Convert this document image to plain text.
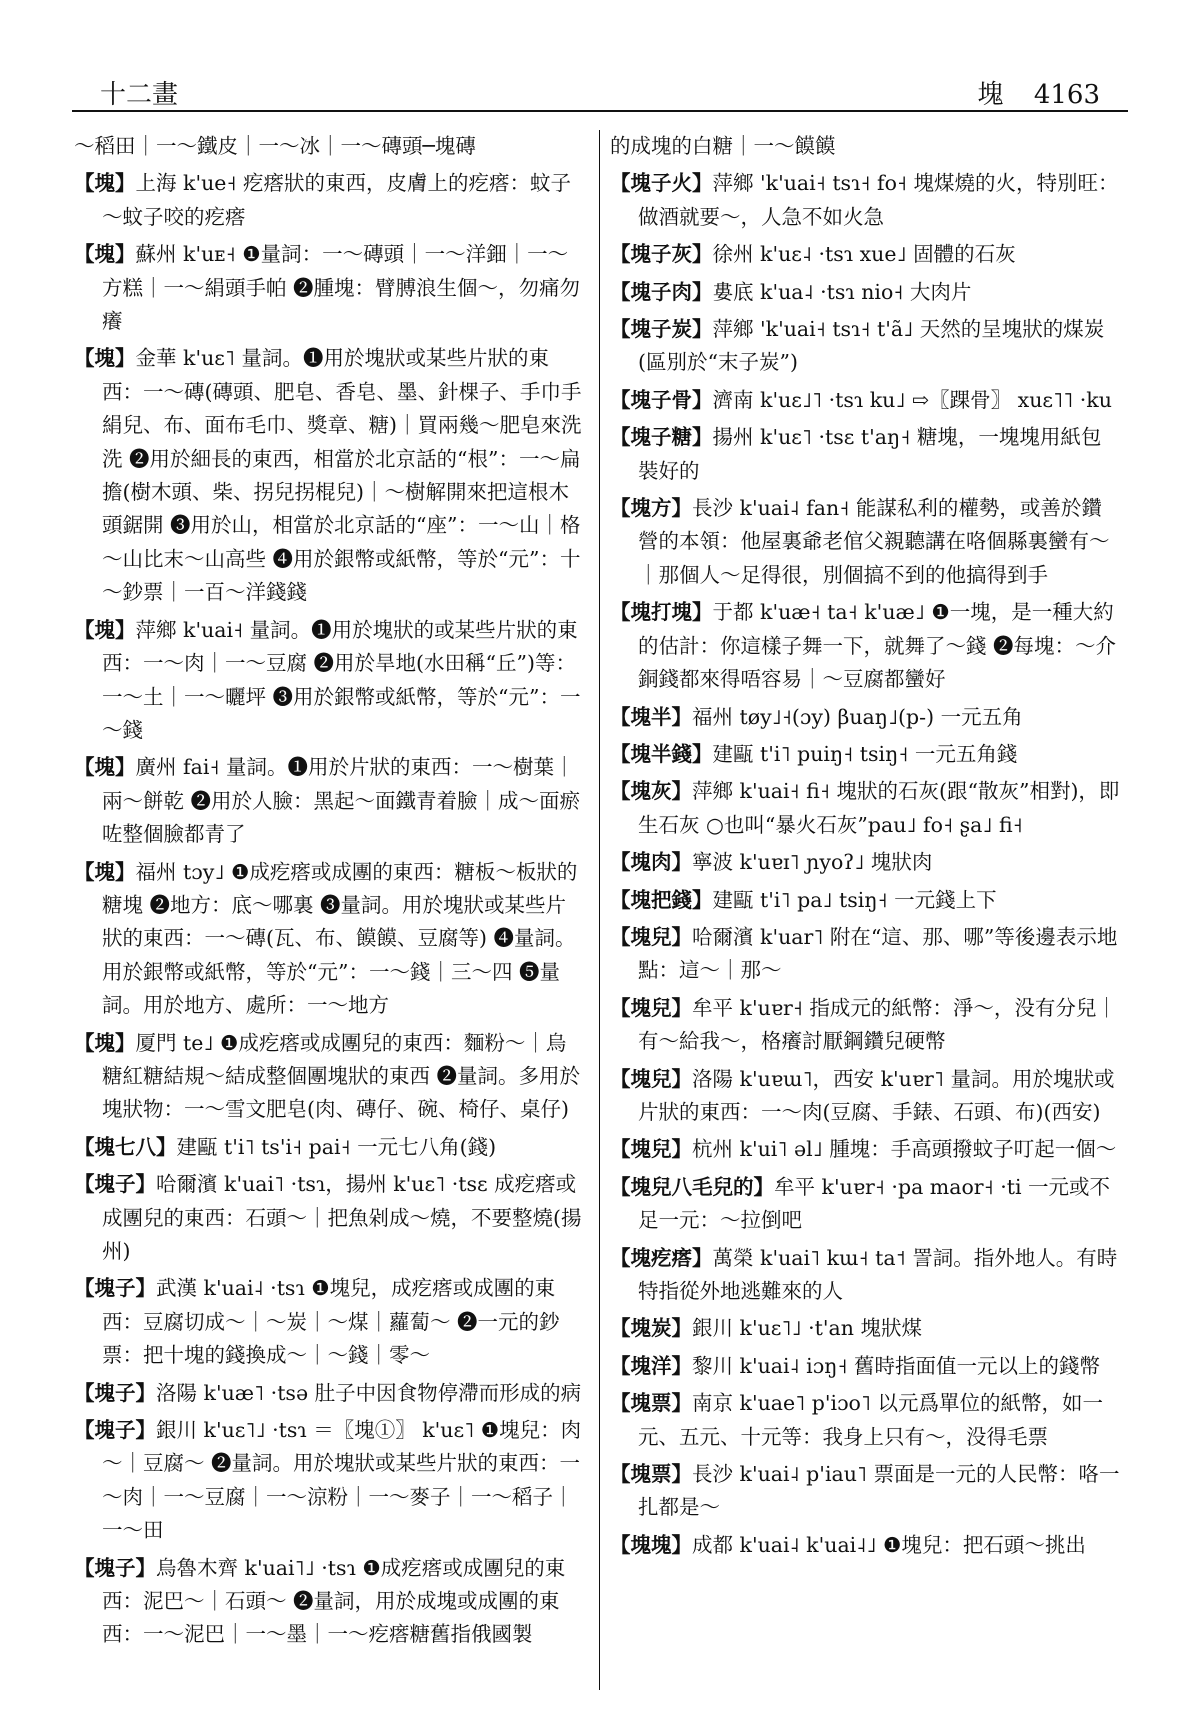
十二畫	塊 4163
～稻田｜一～鐵皮｜一～冰｜一～磚頭─塊磚
【塊】上海 k'ue˧ 疙瘩狀的東西，皮膚上的疙瘩：蚊子～蚊子咬的疙瘩
【塊】蘇州 k'uᴇ˧ ❶量詞：一～磚頭｜一～洋鈿｜一～方糕｜一～絹頭手帕 ❷腫塊：臂膊浪生個～，勿痛勿癢
【塊】金華 k'uɛ˥ 量詞。❶用於塊狀或某些片狀的東西：一～磚(磚頭、肥皂、香皂、墨、針棵子、手巾手絹兒、布、面布毛巾、獎章、糖)｜買兩幾～肥皂來洗洗 ❷用於細長的東西，相當於北京話的“根”：一～扁擔(樹木頭、柴、拐兒拐棍兒)｜～樹解開來把這根木頭鋸開 ❸用於山，相當於北京話的“座”：一～山｜格～山比末～山高些 ❹用於銀幣或紙幣，等於“元”：十～鈔票｜一百～洋錢錢
【塊】萍鄉 k'uai˧ 量詞。❶用於塊狀的或某些片狀的東西：一～肉｜一～豆腐 ❷用於旱地(水田稱“丘”)等：一～土｜一～曬坪 ❸用於銀幣或紙幣，等於“元”：一～錢
【塊】廣州 fai˧ 量詞。❶用於片狀的東西：一～樹葉｜兩～餅乾 ❷用於人臉：黑起～面鐵青着臉｜成～面瘀咗整個臉都青了
【塊】福州 tɔy˩ ❶成疙瘩或成團的東西：糖板～板狀的糖塊 ❷地方：底～哪裏 ❸量詞。用於塊狀或某些片狀的東西：一～磚(瓦、布、饃饃、豆腐等) ❹量詞。用於銀幣或紙幣，等於“元”：一～錢｜三～四 ❺量詞。用於地方、處所：一～地方
【塊】厦門 te˩ ❶成疙瘩或成團兒的東西：麵粉～｜烏糖紅糖結規～結成整個團塊狀的東西 ❷量詞。多用於塊狀物：一～雪文肥皂(肉、磚仔、碗、椅仔、桌仔)
【塊七八】建甌 t'i˥ ts'i˧ pai˧ 一元七八角(錢)
【塊子】哈爾濱 k'uai˥ ·tsɿ，揚州 k'uɛ˥ ·tsɛ 成疙瘩或成團兒的東西：石頭～｜把魚剁成～燒，不要整燒(揚州)
【塊子】武漢 k'uai˨ ·tsɿ ❶塊兒，成疙瘩或成團的東西：豆腐切成～｜～炭｜～煤｜蘿蔔～ ❷一元的鈔票：把十塊的錢換成～｜～錢｜零～
【塊子】洛陽 k'uæ˥ ·tsə 肚子中因食物停滯而形成的病
【塊子】銀川 k'uɛ˥˩ ·tsɿ ＝〖塊①〗 k'uɛ˥ ❶塊兒：肉～｜豆腐～ ❷量詞。用於塊狀或某些片狀的東西：一～肉｜一～豆腐｜一～涼粉｜一～麥子｜一～稻子｜一～田
【塊子】烏魯木齊 k'uai˥˩ ·tsɿ ❶成疙瘩或成團兒的東西：泥巴～｜石頭～ ❷量詞，用於成塊或成團的東西：一～泥巴｜一～墨｜一～疙瘩糖舊指俄國製
的成塊的白糖｜一～饃饃
【塊子火】萍鄉 'k'uai˧ tsɿ˧ fo˧ 塊煤燒的火，特別旺：做酒就要～，人急不如火急
【塊子灰】徐州 k'uɛ˨ ·tsɿ xue˩ 固體的石灰
【塊子肉】婁底 k'ua˨ ·tsɿ nio˧ 大肉片
【塊子炭】萍鄉 'k'uai˧ tsɿ˧ t'ã˩ 天然的呈塊狀的煤炭(區別於“末子炭”)
【塊子骨】濟南 k'uɛ˩˥ ·tsɿ ku˩ ⇨〖踝骨〗 xuɛ˥˥ ·ku
【塊子糖】揚州 k'uɛ˥ ·tsɛ t'aŋ˧ 糖塊，一塊塊用紙包裝好的
【塊方】長沙 k'uai˨ fan˧ 能謀私利的權勢，或善於鑽營的本領：他屋裏爺老倌父親聽講在咯個縣裏蠻有～｜那個人～足得很，別個搞不到的他搞得到手
【塊打塊】于都 k'uæ˧ ta˧ k'uæ˩ ❶一塊，是一種大約的估計：你這樣子舞一下，就舞了～錢 ❷每塊：～介銅錢都來得唔容易｜～豆腐都蠻好
【塊半】福州 tøy˩˧(ɔy) βuaŋ˩(p-) 一元五角
【塊半錢】建甌 t'i˥ puiŋ˧ tsiŋ˧ 一元五角錢
【塊灰】萍鄉 k'uai˧ fi˧ 塊狀的石灰(跟“散灰”相對)，即生石灰 ○也叫“暴火石灰”pau˩ fo˧ ʂa˩ fi˧
【塊肉】寧波 k'uɐɪ˥ ɲyoʔ˩ 塊狀肉
【塊把錢】建甌 t'i˥ pa˩ tsiŋ˧ 一元錢上下
【塊兒】哈爾濱 k'uar˥ 附在“這、那、哪”等後邊表示地點：這～｜那～
【塊兒】牟平 k'uɐr˧ 指成元的紙幣：淨～，没有分兒｜有～給我～，格癢討厭鋼鑽兒硬幣
【塊兒】洛陽 k'uɐɯ˥，西安 k'uɐr˥ 量詞。用於塊狀或片狀的東西：一～肉(豆腐、手錶、石頭、布)(西安)
【塊兒】杭州 k'ui˥ əl˩ 腫塊：手高頭撥蚊子叮起一個～
【塊兒八毛兒的】牟平 k'uɐr˧ ·pa maor˧ ·ti 一元或不足一元：～拉倒吧
【塊疙瘩】萬榮 k'uai˥ kɯ˧ ta˦ 詈詞。指外地人。有時特指從外地逃難來的人
【塊炭】銀川 k'uɛ˥˩ ·t'an 塊狀煤
【塊洋】黎川 k'uai˨ iɔŋ˧ 舊時指面值一元以上的錢幣
【塊票】南京 k'uae˥ p'iɔo˥ 以元爲單位的紙幣，如一元、五元、十元等：我身上只有～，没得毛票
【塊票】長沙 k'uai˨ p'iau˥ 票面是一元的人民幣：咯一扎都是～
【塊塊】成都 k'uai˨ k'uai˨˩ ❶塊兒：把石頭～挑出
